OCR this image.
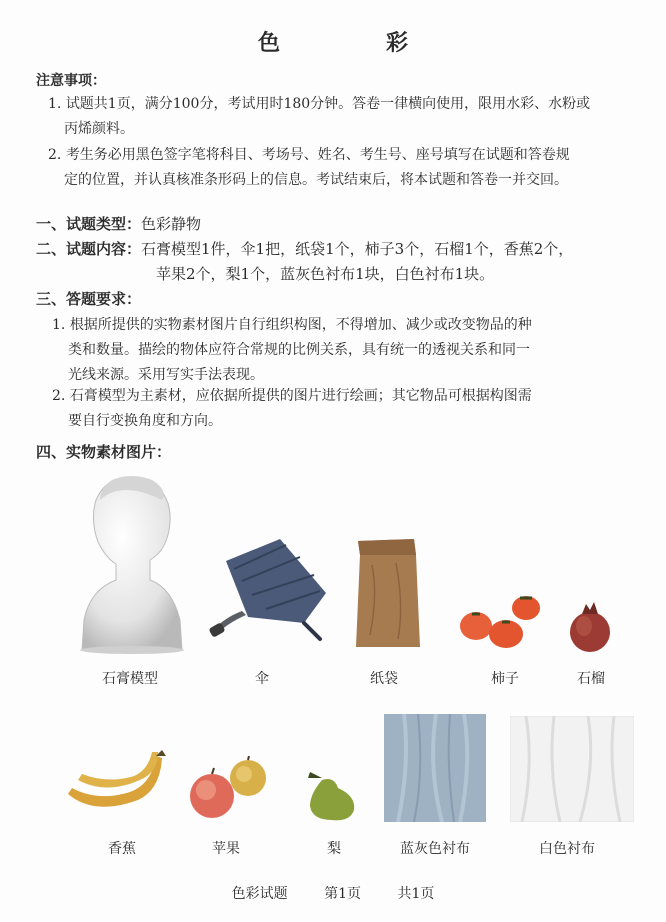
色　彩
注意事项：
1. 试题共1页，满分100分，考试用时180分钟。答卷一律横向使用，限用水彩、水粉或
丙烯颜料。
2. 考生务必用黑色签字笔将科目、考场号、姓名、考生号、座号填写在试题和答卷规
定的位置，并认真核准条形码上的信息。考试结束后，将本试题和答卷一并交回。
一、试题类型：色彩静物
二、试题内容：石膏模型1件，伞1把，纸袋1个，柿子3个，石榴1个，香蕉2个，
苹果2个，梨1个，蓝灰色衬布1块，白色衬布1块。
三、答题要求：
1. 根据所提供的实物素材图片自行组织构图，不得增加、减少或改变物品的种
类和数量。描绘的物体应符合常规的比例关系，具有统一的透视关系和同一
光线来源。采用写实手法表现。
2. 石膏模型为主素材，应依据所提供的图片进行绘画；其它物品可根据构图需
要自行变换角度和方向。
四、实物素材图片：
石膏模型	伞	纸袋	柿子	石榴
香蕉	苹果	梨	蓝灰色衬布	白色衬布
色彩试题	第1页	共1页
